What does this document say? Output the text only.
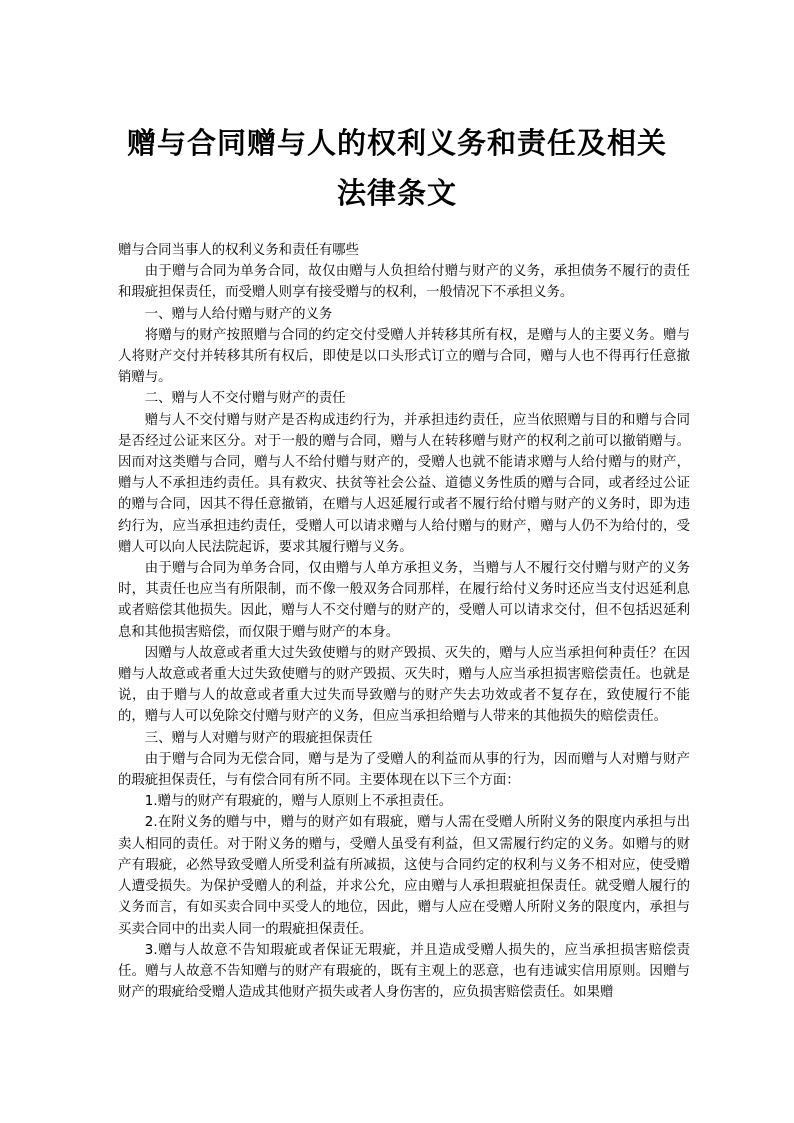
赠与合同赠与人的权利义务和责任及相关
法律条文

赠与合同当事人的权利义务和责任有哪些

由于赠与合同为单务合同，故仅由赠与人负担给付赠与财产的义务，承担债务不履行的责任和瑕疵担保责任，而受赠人则享有接受赠与的权利，一般情况下不承担义务。

一、赠与人给付赠与财产的义务

将赠与的财产按照赠与合同的约定交付受赠人并转移其所有权，是赠与人的主要义务。赠与人将财产交付并转移其所有权后，即使是以口头形式订立的赠与合同，赠与人也不得再行任意撤销赠与。

二、赠与人不交付赠与财产的责任

赠与人不交付赠与财产是否构成违约行为，并承担违约责任，应当依照赠与目的和赠与合同是否经过公证来区分。对于一般的赠与合同，赠与人在转移赠与财产的权利之前可以撤销赠与。因而对这类赠与合同，赠与人不给付赠与财产的，受赠人也就不能请求赠与人给付赠与的财产，赠与人不承担违约责任。具有救灾、扶贫等社会公益、道德义务性质的赠与合同，或者经过公证的赠与合同，因其不得任意撤销，在赠与人迟延履行或者不履行给付赠与财产的义务时，即为违约行为，应当承担违约责任，受赠人可以请求赠与人给付赠与的财产，赠与人仍不为给付的，受赠人可以向人民法院起诉，要求其履行赠与义务。

由于赠与合同为单务合同，仅由赠与人单方承担义务，当赠与人不履行交付赠与财产的义务时，其责任也应当有所限制，而不像一般双务合同那样，在履行给付义务时还应当支付迟延利息或者赔偿其他损失。因此，赠与人不交付赠与的财产的，受赠人可以请求交付，但不包括迟延利息和其他损害赔偿，而仅限于赠与财产的本身。

因赠与人故意或者重大过失致使赠与的财产毁损、灭失的，赠与人应当承担何种责任？在因赠与人故意或者重大过失致使赠与的财产毁损、灭失时，赠与人应当承担损害赔偿责任。也就是说，由于赠与人的故意或者重大过失而导致赠与的财产失去功效或者不复存在，致使履行不能的，赠与人可以免除交付赠与财产的义务，但应当承担给赠与人带来的其他损失的赔偿责任。

三、赠与人对赠与财产的瑕疵担保责任

由于赠与合同为无偿合同，赠与是为了受赠人的利益而从事的行为，因而赠与人对赠与财产的瑕疵担保责任，与有偿合同有所不同。主要体现在以下三个方面：

1.赠与的财产有瑕疵的，赠与人原则上不承担责任。

2.在附义务的赠与中，赠与的财产如有瑕疵，赠与人需在受赠人所附义务的限度内承担与出卖人相同的责任。对于附义务的赠与，受赠人虽受有利益，但又需履行约定的义务。如赠与的财产有瑕疵，必然导致受赠人所受利益有所减损，这使与合同约定的权利与义务不相对应，使受赠人遭受损失。为保护受赠人的利益，并求公允，应由赠与人承担瑕疵担保责任。就受赠人履行的义务而言，有如买卖合同中买受人的地位，因此，赠与人应在受赠人所附义务的限度内，承担与买卖合同中的出卖人同一的瑕疵担保责任。

3.赠与人故意不告知瑕疵或者保证无瑕疵，并且造成受赠人损失的，应当承担损害赔偿责任。赠与人故意不告知赠与的财产有瑕疵的，既有主观上的恶意，也有违诚实信用原则。因赠与财产的瑕疵给受赠人造成其他财产损失或者人身伤害的，应负损害赔偿责任。如果赠
